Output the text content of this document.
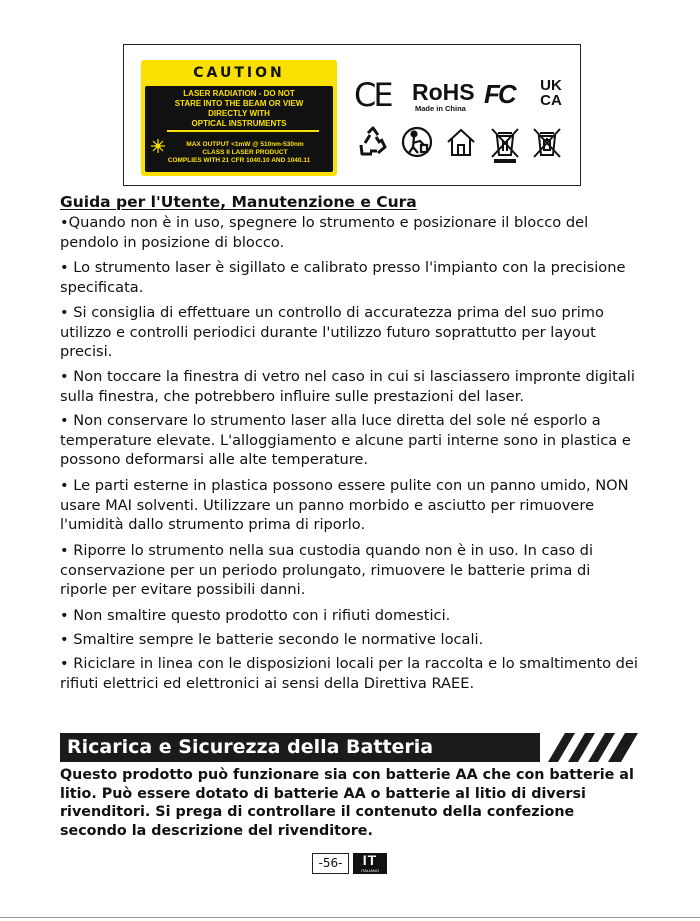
CAUTION
LASER RADIATION - DO NOT
STARE INTO THE BEAM OR VIEW
DIRECTLY WITH
OPTICAL INSTRUMENTS
MAX OUTPUT <1mW @ 510nm-530nm
CLASS II LASER PRODUCT
COMPLIES WITH 21 CFR 1040.10 AND 1040.11
CE RoHS
Made in China FC UK
CA
Guida per l'Utente, Manutenzione e Cura

•Quando non è in uso, spegnere lo strumento e posizionare il blocco del pendolo in posizione di blocco.

• Lo strumento laser è sigillato e calibrato presso l'impianto con la precisione specificata.

• Si consiglia di effettuare un controllo di accuratezza prima del suo primo utilizzo e controlli periodici durante l'utilizzo futuro soprattutto per layout precisi.

• Non toccare la finestra di vetro nel caso in cui si lasciassero impronte digitali sulla finestra, che potrebbero influire sulle prestazioni del laser.

• Non conservare lo strumento laser alla luce diretta del sole né esporlo a temperature elevate. L'alloggiamento e alcune parti interne sono in plastica e possono deformarsi alle alte temperature.

• Le parti esterne in plastica possono essere pulite con un panno umido, NON usare MAI solventi. Utilizzare un panno morbido e asciutto per rimuovere l'umidità dallo strumento prima di riporlo.

• Riporre lo strumento nella sua custodia quando non è in uso. In caso di conservazione per un periodo prolungato, rimuovere le batterie prima di riporle per evitare possibili danni.

• Non smaltire questo prodotto con i rifiuti domestici.

• Smaltire sempre le batterie secondo le normative locali.

• Riciclare in linea con le disposizioni locali per la raccolta e lo smaltimento dei rifiuti elettrici ed elettronici ai sensi della Direttiva RAEE.

Ricarica e Sicurezza della Batteria

Questo prodotto può funzionare sia con batterie AA che con batterie al litio. Può essere dotato di batterie AA o batterie al litio di diversi rivenditori. Si prega di controllare il contenuto della confezione secondo la descrizione del rivenditore.

-56-	IT
ITALIANO
